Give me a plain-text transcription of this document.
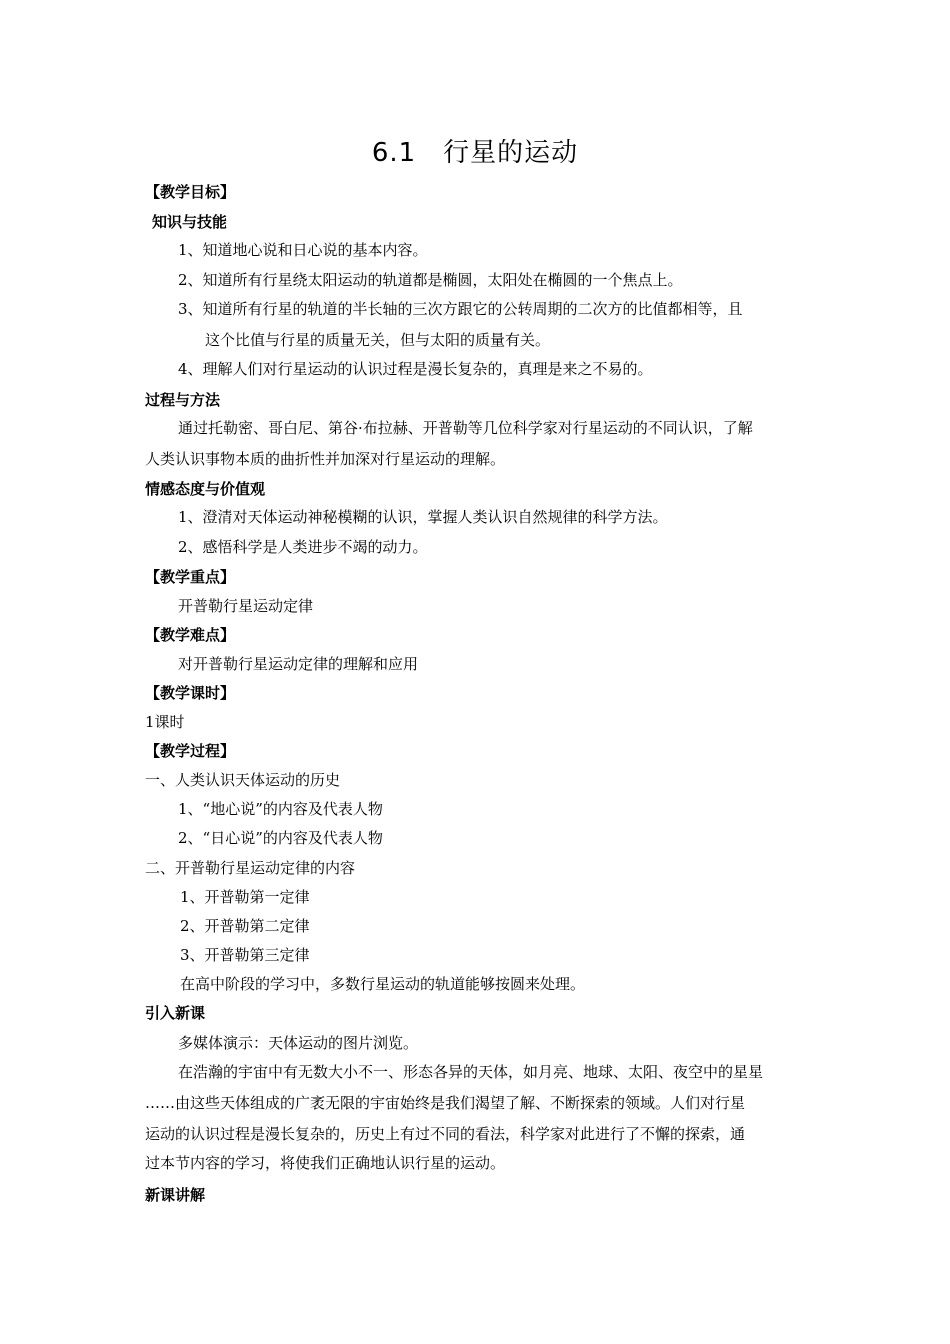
6.1　行星的运动
【教学目标】
知识与技能
1、知道地心说和日心说的基本内容。
2、知道所有行星绕太阳运动的轨道都是椭圆，太阳处在椭圆的一个焦点上。
3、知道所有行星的轨道的半长轴的三次方跟它的公转周期的二次方的比值都相等，且
这个比值与行星的质量无关，但与太阳的质量有关。
4、理解人们对行星运动的认识过程是漫长复杂的，真理是来之不易的。
过程与方法
通过托勒密、哥白尼、第谷·布拉赫、开普勒等几位科学家对行星运动的不同认识，了解
人类认识事物本质的曲折性并加深对行星运动的理解。
情感态度与价值观
1、澄清对天体运动神秘模糊的认识，掌握人类认识自然规律的科学方法。
2、感悟科学是人类进步不竭的动力。
【教学重点】
开普勒行星运动定律
【教学难点】
对开普勒行星运动定律的理解和应用
【教学课时】
1课时
【教学过程】
一、人类认识天体运动的历史
1、“地心说”的内容及代表人物
2、“日心说”的内容及代表人物
二、开普勒行星运动定律的内容
1、开普勒第一定律
2、开普勒第二定律
3、开普勒第三定律
在高中阶段的学习中，多数行星运动的轨道能够按圆来处理。
引入新课
多媒体演示：天体运动的图片浏览。
在浩瀚的宇宙中有无数大小不一、形态各异的天体，如月亮、地球、太阳、夜空中的星星
……由这些天体组成的广袤无限的宇宙始终是我们渴望了解、不断探索的领域。人们对行星
运动的认识过程是漫长复杂的，历史上有过不同的看法，科学家对此进行了不懈的探索，通
过本节内容的学习，将使我们正确地认识行星的运动。
新课讲解
